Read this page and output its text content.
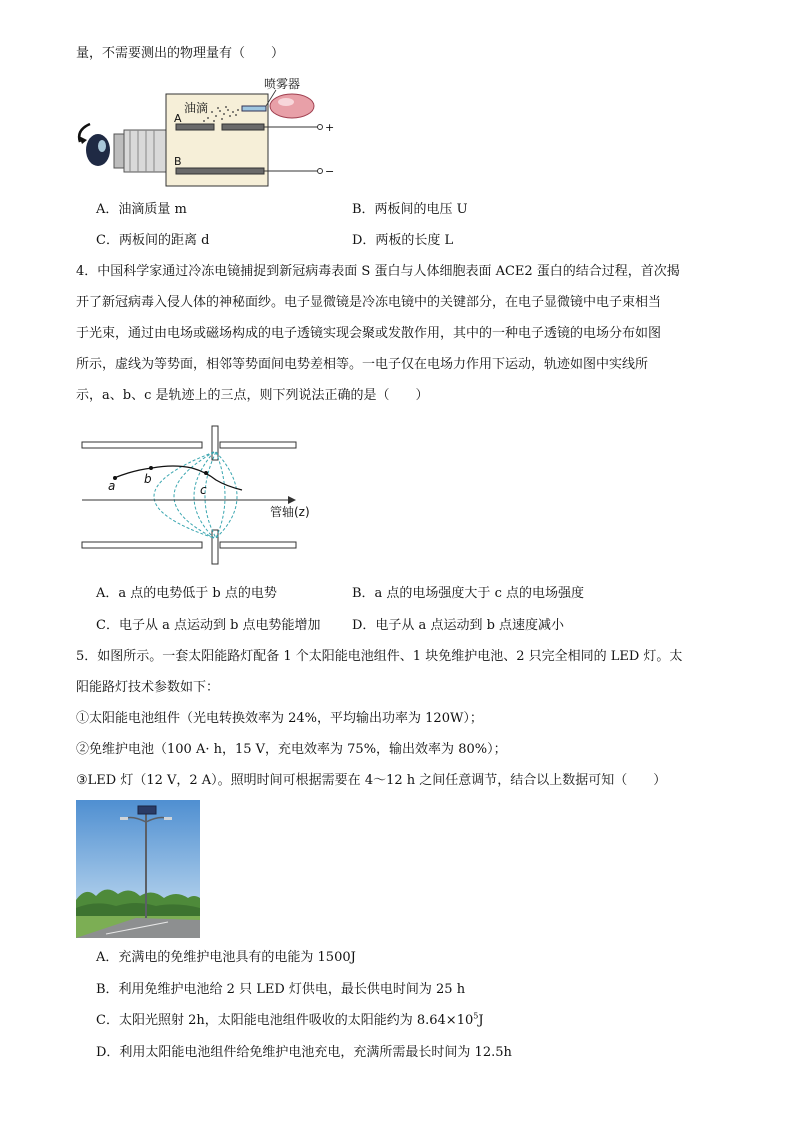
量，不需要测出的物理量有（　　）
喷雾器
油滴
A
B
+
−
A．油滴质量 m	B．两板间的电压 U
C．两板间的距离 d	D．两板的长度 L
4．中国科学家通过冷冻电镜捕捉到新冠病毒表面 S 蛋白与人体细胞表面 ACE2 蛋白的结合过程，首次揭
开了新冠病毒入侵人体的神秘面纱。电子显微镜是冷冻电镜中的关键部分，在电子显微镜中电子束相当
于光束，通过由电场或磁场构成的电子透镜实现会聚或发散作用，其中的一种电子透镜的电场分布如图
所示，虚线为等势面，相邻等势面间电势差相等。一电子仅在电场力作用下运动，轨迹如图中实线所
示，a、b、c 是轨迹上的三点，则下列说法正确的是（　　）
a b
c
管轴(z)
A．a 点的电势低于 b 点的电势	B．a 点的电场强度大于 c 点的电场强度
C．电子从 a 点运动到 b 点电势能增加 D．电子从 a 点运动到 b 点速度减小
5．如图所示。一套太阳能路灯配备 1 个太阳能电池组件、1 块免维护电池、2 只完全相同的 LED 灯。太
阳能路灯技术参数如下：
①太阳能电池组件（光电转换效率为 24%，平均输出功率为 120W）；
②免维护电池（100 A· h，15 V，充电效率为 75%，输出效率为 80%）；
③LED 灯（12 V，2 A）。照明时间可根据需要在 4～12 h 之间任意调节，结合以上数据可知（　　）
A．充满电的免维护电池具有的电能为 1500J
B．利用免维护电池给 2 只 LED 灯供电，最长供电时间为 25 h
C．太阳光照射 2h，太阳能电池组件吸收的太阳能约为 $8.64\times 10^5J$
D．利用太阳能电池组件给免维护电池充电，充满所需最长时间为 12.5h
